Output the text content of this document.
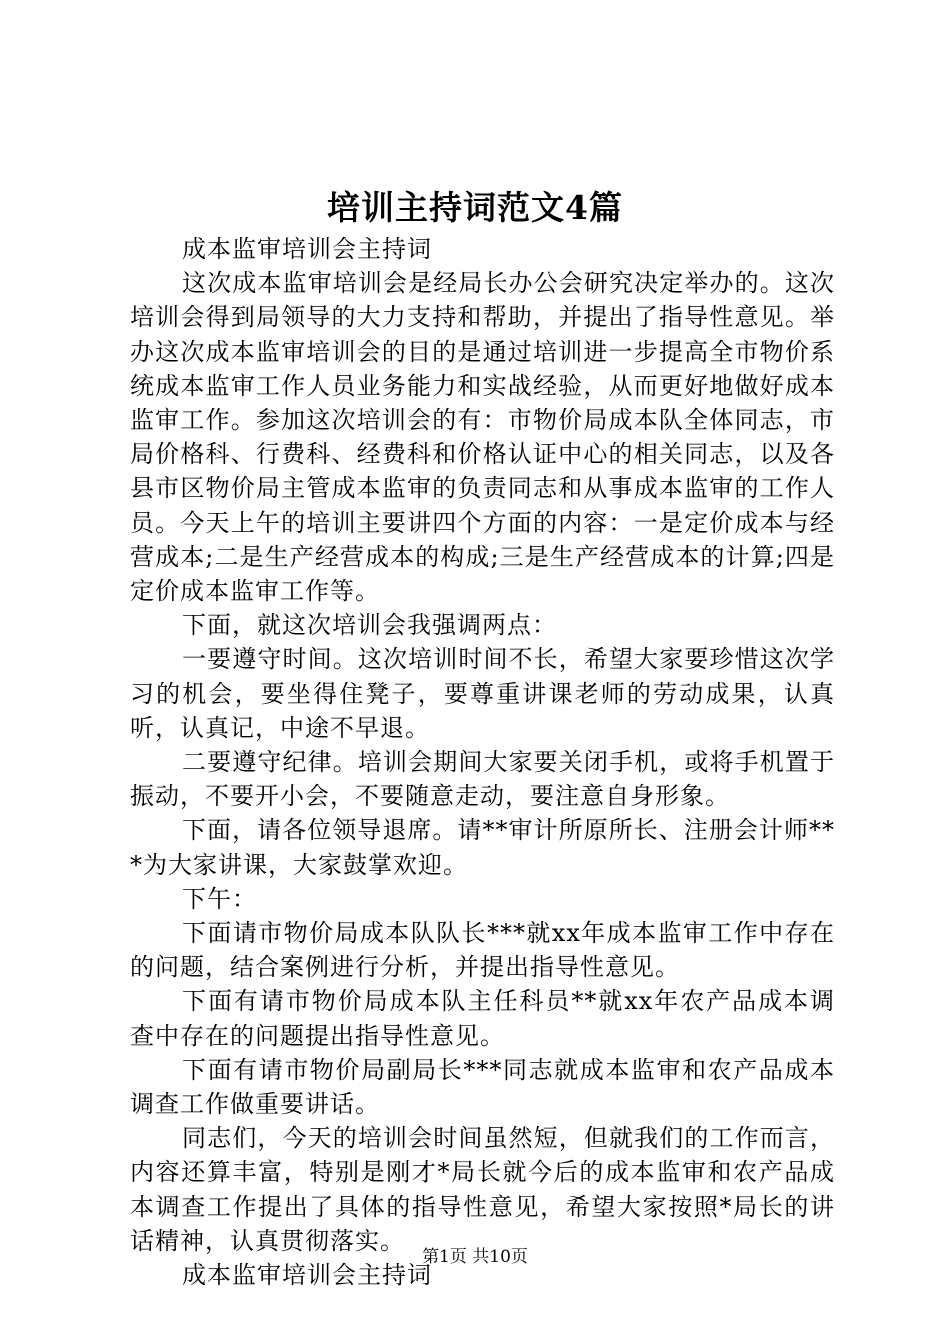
培训主持词范文4篇

成本监审培训会主持词

这次成本监审培训会是经局长办公会研究决定举办的。这次培训会得到局领导的大力支持和帮助，并提出了指导性意见。举办这次成本监审培训会的目的是通过培训进一步提高全市物价系统成本监审工作人员业务能力和实战经验，从而更好地做好成本监审工作。参加这次培训会的有：市物价局成本队全体同志，市局价格科、行费科、经费科和价格认证中心的相关同志，以及各县市区物价局主管成本监审的负责同志和从事成本监审的工作人员。今天上午的培训主要讲四个方面的内容：一是定价成本与经营成本;二是生产经营成本的构成;三是生产经营成本的计算;四是定价成本监审工作等。

下面，就这次培训会我强调两点：

一要遵守时间。这次培训时间不长，希望大家要珍惜这次学习的机会，要坐得住凳子，要尊重讲课老师的劳动成果，认真听，认真记，中途不早退。

二要遵守纪律。培训会期间大家要关闭手机，或将手机置于振动，不要开小会，不要随意走动，要注意自身形象。

下面，请各位领导退席。请**审计所原所长、注册会计师***为大家讲课，大家鼓掌欢迎。

下午：

下面请市物价局成本队队长***就xx年成本监审工作中存在的问题，结合案例进行分析，并提出指导性意见。

下面有请市物价局成本队主任科员**就xx年农产品成本调查中存在的问题提出指导性意见。

下面有请市物价局副局长***同志就成本监审和农产品成本调查工作做重要讲话。

同志们，今天的培训会时间虽然短，但就我们的工作而言，内容还算丰富，特别是刚才*局长就今后的成本监审和农产品成本调查工作提出了具体的指导性意见，希望大家按照*局长的讲话精神，认真贯彻落实。

成本监审培训会主持词

第1页 共10页
